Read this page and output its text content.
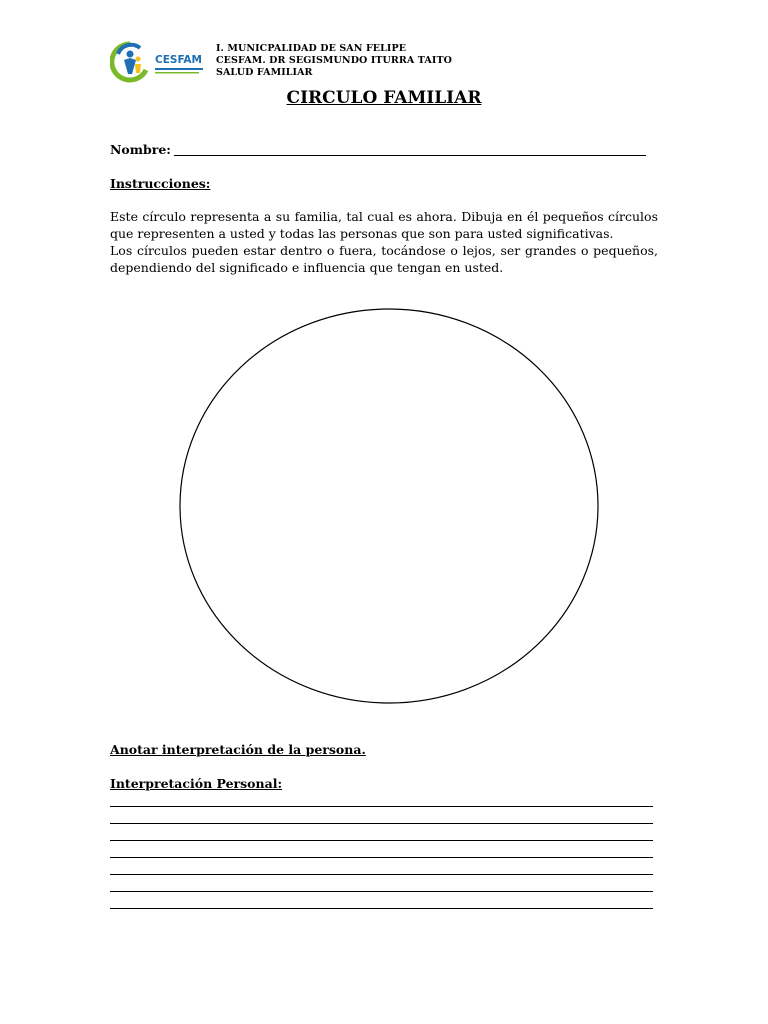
CESFAM
I. MUNICPALIDAD DE SAN FELIPE
CESFAM. DR SEGISMUNDO ITURRA TAITO
SALUD FAMILIAR
CIRCULO FAMILIAR
Nombre:
Instrucciones:

Este círculo representa a su familia, tal cual es ahora. Dibuja en él pequeños círculos que representen a usted y todas las personas que son para usted significativas.

Los círculos pueden estar dentro o fuera, tocándose o lejos, ser grandes o pequeños, dependiendo del significado e influencia que tengan en usted.

Anotar interpretación de la persona.
Interpretación Personal:
